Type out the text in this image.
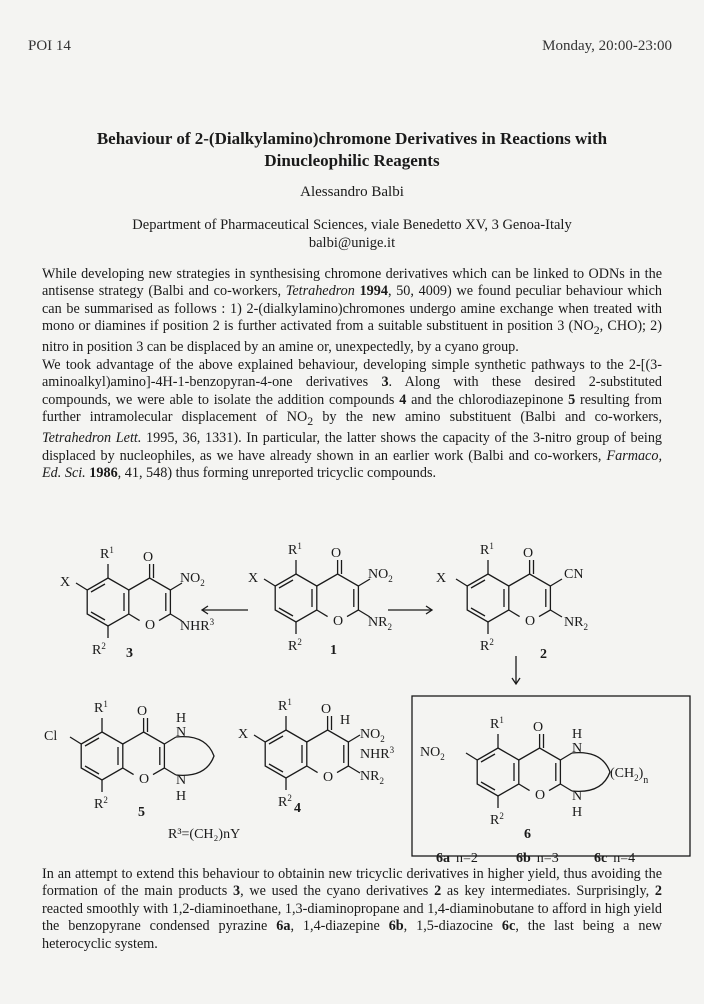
POI 14	Monday, 20:00-23:00
Behaviour of 2-(Dialkylamino)chromone Derivatives in Reactions with
Dinucleophilic Reagents
Alessandro Balbi
Department of Pharmaceutical Sciences, viale Benedetto XV, 3 Genoa-Italy
balbi@unige.it

While developing new strategies in synthesising chromone derivatives which can be linked to ODNs in the antisense strategy (Balbi and co-workers, Tetrahedron 1994, 50, 4009) we found peculiar behaviour which can be summarised as follows : 1) 2-(dialkylamino)chromones undergo amine exchange when treated with mono or diamines if position 2 is further activated from a suitable substituent in position 3 ($NO_2$, CHO); 2) nitro in position 3 can be displaced by an amine or, unexpectedly, by a cyano group.

We took advantage of the above explained behaviour, developing simple synthetic pathways to the 2-[(3-aminoalkyl)amino]-4H-1-benzopyran-4-one derivatives 3. Along with these desired 2-substituted compounds, we were able to isolate the addition compounds 4 and the chlorodiazepinone 5 resulting from further intramolecular displacement of $NO_2$ by the new amino substituent (Balbi and co-workers, Tetrahedron Lett. 1995, 36, 1331). In particular, the latter shows the capacity of the 3-nitro group of being displaced by nucleophiles, as we have already shown in an earlier work (Balbi and co-workers, Farmaco, Ed. Sci. 1986, 41, 548) thus forming unreported tricyclic compounds.

O
O
$R^1$
$R^2$
X	$NO_2$
NHR$^3$
3
O
O
$R^1$
$R^2$
X	$NO_2$
$NR_2$
1
O
O
$R^1$
$R^2$
X	CN
$NR_2$
2
O
O
$R^1$
$R^2$
Cl
H
N
N
H
5
O
O
$R^1$
$R^2$
X
H
$NO_2$
NHR$^3$
$NR_2$
4
R³=(CH₂)nY
O
O
$R^1$
$R^2$
$NO_2$
H
N
N
H
$(CH_2)_n$
6
6a n=2	6b n=3	6c n=4

In an attempt to extend this behaviour to obtainin new tricyclic derivatives in higher yield, thus avoiding the formation of the main products 3, we used the cyano derivatives 2 as key intermediates. Surprisingly, 2 reacted smoothly with 1,2-diaminoethane, 1,3-diaminopropane and 1,4-diaminobutane to afford in high yield the benzopyrane condensed pyrazine 6a, 1,4-diazepine 6b, 1,5-diazocine 6c, the last being a new heterocyclic system.
